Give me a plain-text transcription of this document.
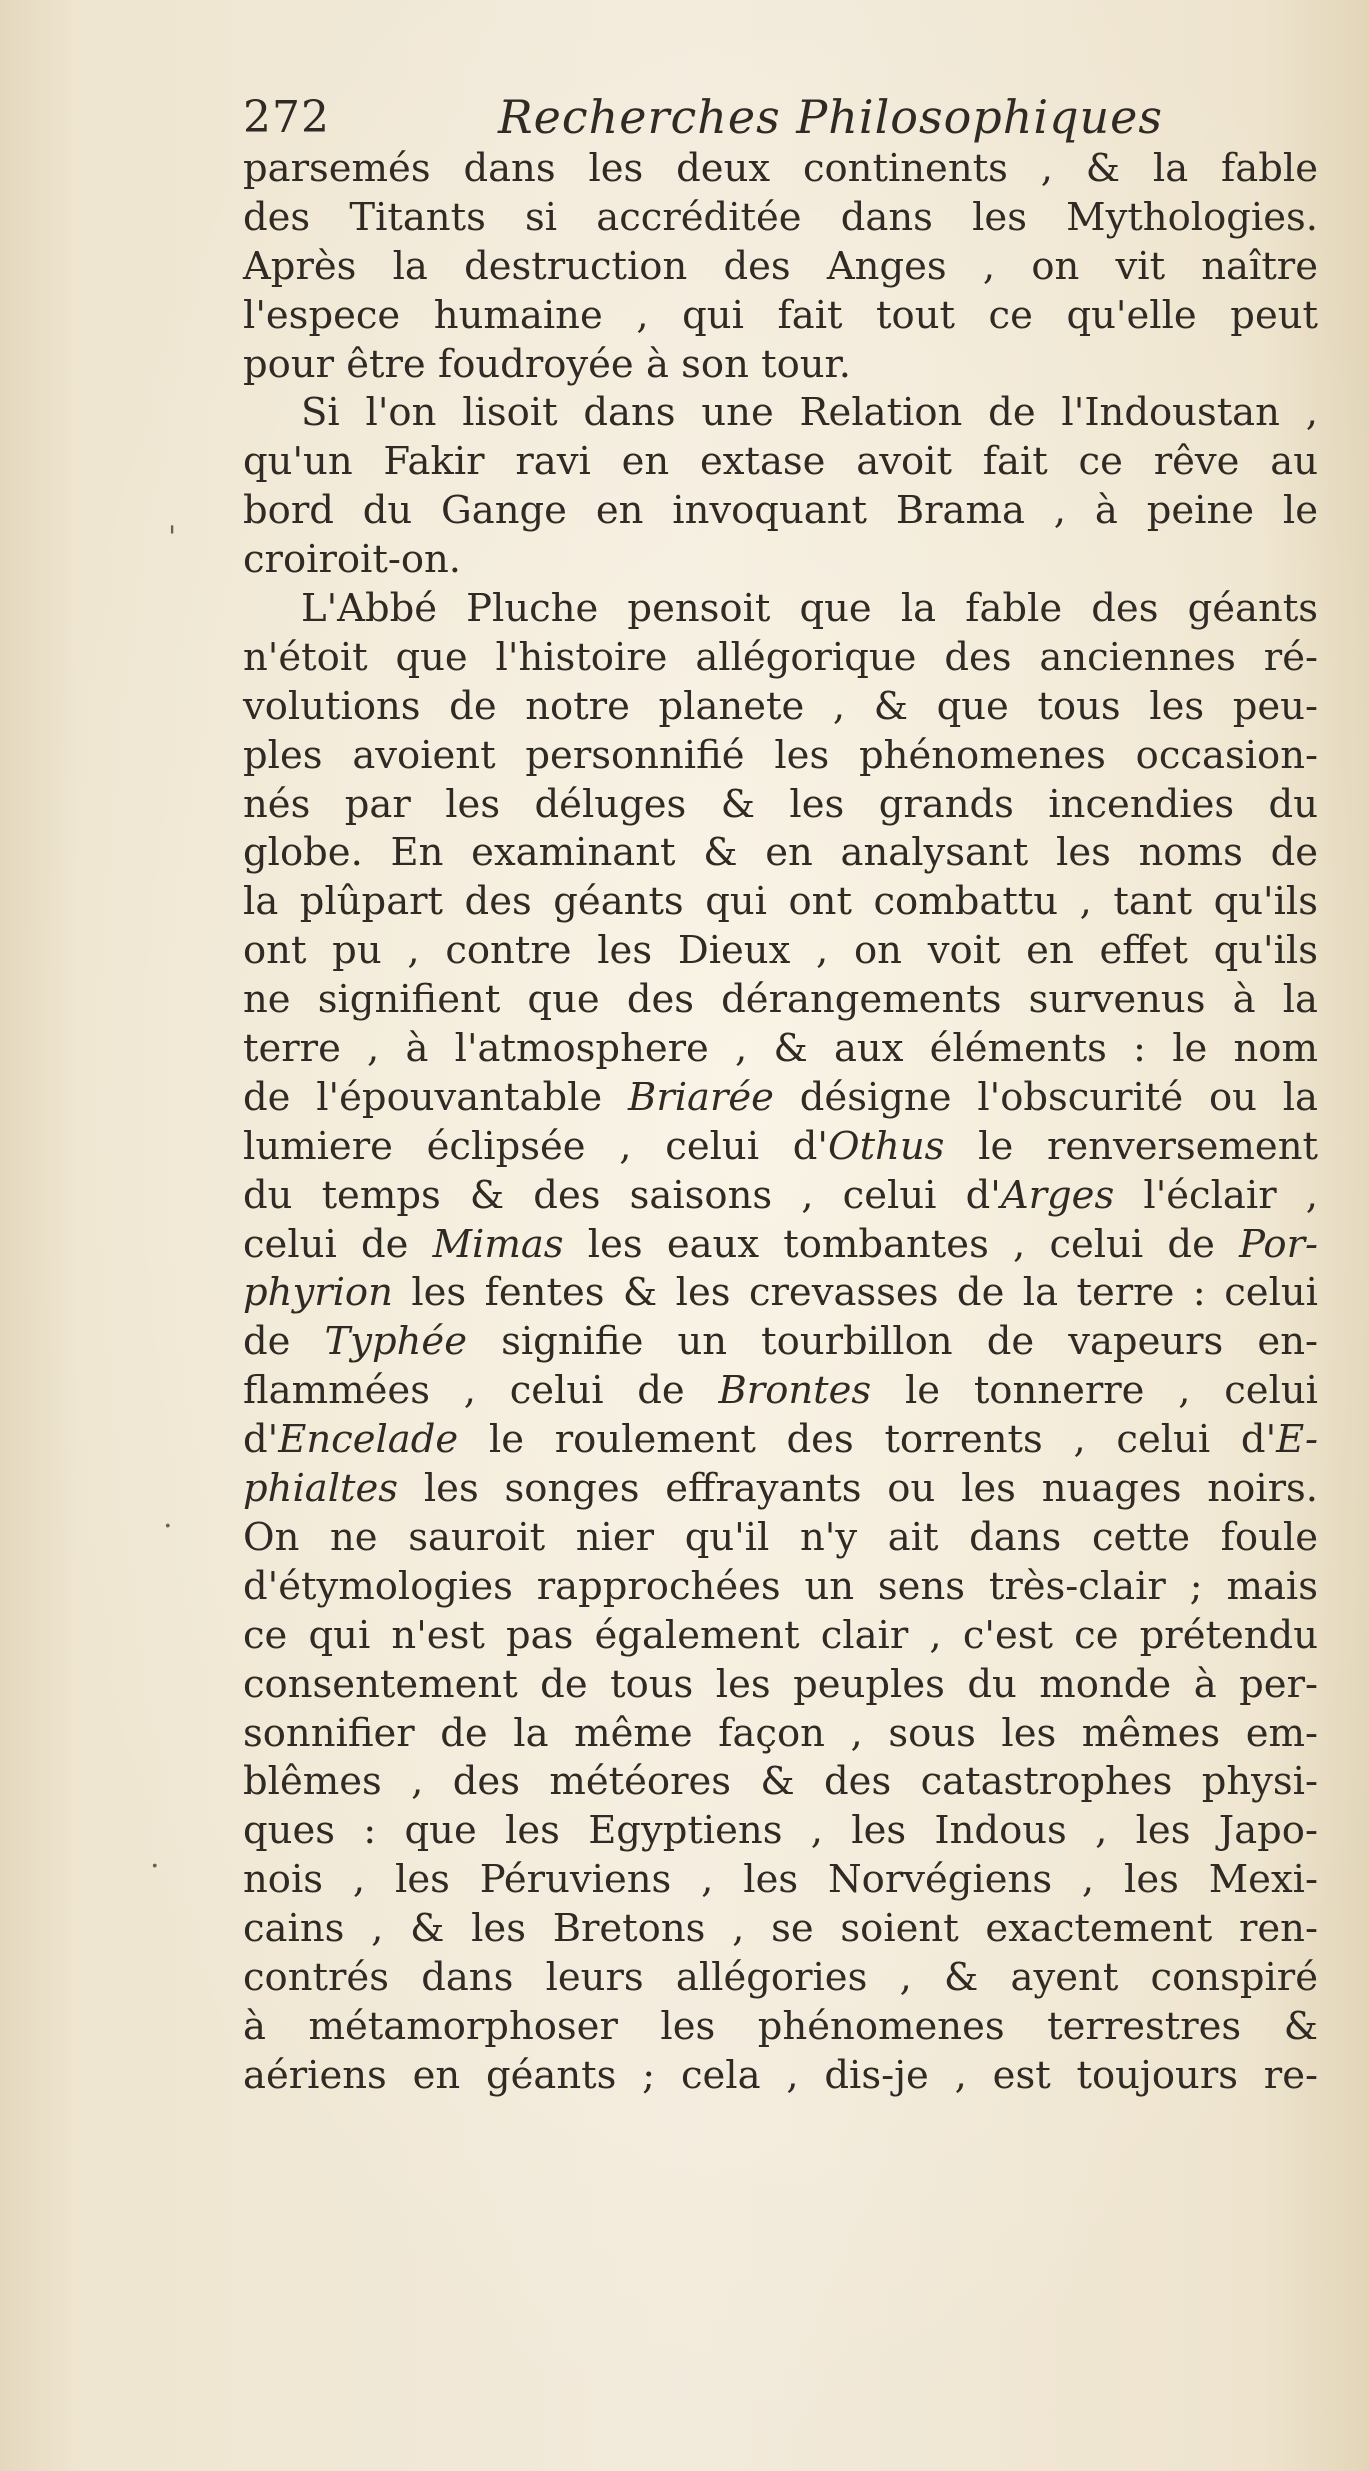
272	Recherches Philosophiques
parsemés dans les deux continents , & la fable
des Titants si accréditée dans les Mythologies.
Après la destruction des Anges , on vit naître
l'espece humaine , qui fait tout ce qu'elle peut
pour être foudroyée à son tour.
Si l'on lisoit dans une Relation de l'Indoustan ,
qu'un Fakir ravi en extase avoit fait ce rêve au
bord du Gange en invoquant Brama , à peine le
croiroit-on.
L'Abbé Pluche pensoit que la fable des géants
n'étoit que l'histoire allégorique des anciennes ré-
volutions de notre planete , & que tous les peu-
ples avoient personnifié les phénomenes occasion-
nés par les déluges & les grands incendies du
globe. En examinant & en analysant les noms de
la plûpart des géants qui ont combattu , tant qu'ils
ont pu , contre les Dieux , on voit en effet qu'ils
ne signifient que des dérangements survenus à la
terre , à l'atmosphere , & aux éléments : le nom
de l'épouvantable Briarée désigne l'obscurité ou la
lumiere éclipsée , celui d'Othus le renversement
du temps & des saisons , celui d'Arges l'éclair ,
celui de Mimas les eaux tombantes , celui de Por-
phyrion les fentes & les crevasses de la terre : celui
de Typhée signifie un tourbillon de vapeurs en-
flammées , celui de Brontes le tonnerre , celui
d'Encelade le roulement des torrents , celui d'E-
phialtes les songes effrayants ou les nuages noirs.
On ne sauroit nier qu'il n'y ait dans cette foule
d'étymologies rapprochées un sens très-clair ; mais
ce qui n'est pas également clair , c'est ce prétendu
consentement de tous les peuples du monde à per-
sonnifier de la même façon , sous les mêmes em-
blêmes , des météores & des catastrophes physi-
ques : que les Egyptiens , les Indous , les Japo-
nois , les Péruviens , les Norvégiens , les Mexi-
cains , & les Bretons , se soient exactement ren-
contrés dans leurs allégories , & ayent conspiré
à métamorphoser les phénomenes terrestres &
aériens en géants ; cela , dis-je , est toujours re-
'
.
.
